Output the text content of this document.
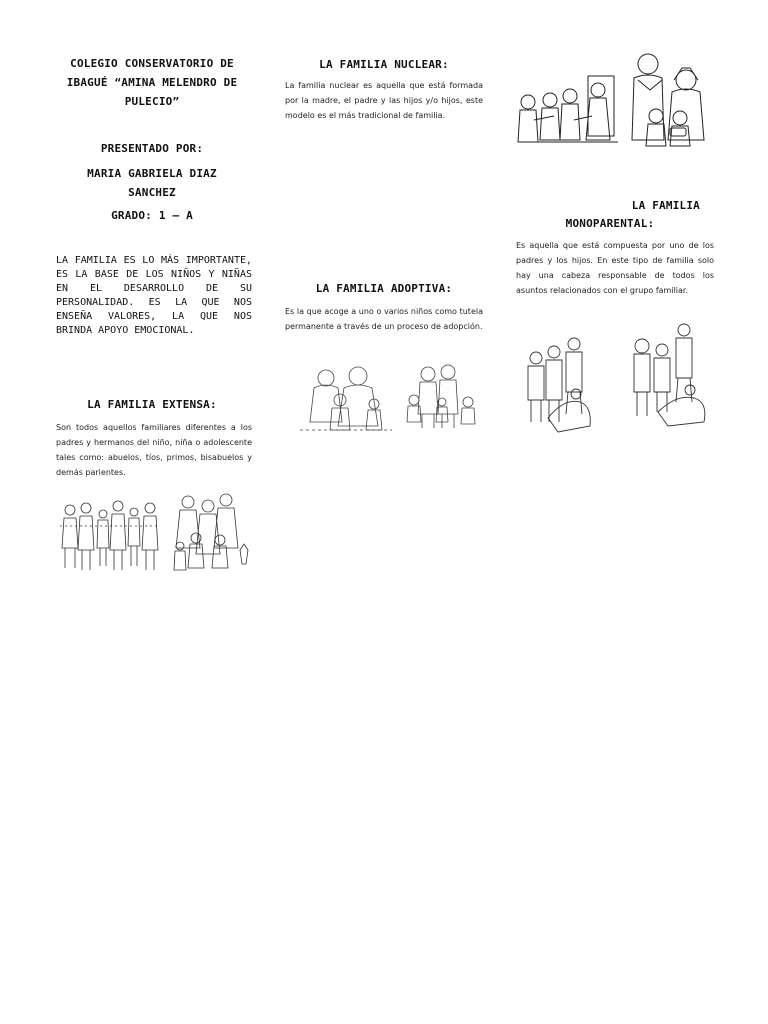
COLEGIO CONSERVATORIO DE
IBAGUÉ “AMINA MELENDRO DE
PULECIO”
PRESENTADO POR:
MARIA GABRIELA DIAZ
SANCHEZ
GRADO: 1 – A
LA FAMILIA ES LO MÁS IMPORTANTE, ES LA BASE DE LOS NIÑOS Y NIÑAS EN EL DESARROLLO DE SU PERSONALIDAD. ES LA QUE NOS ENSEÑA VALORES, LA QUE NOS BRINDA APOYO EMOCIONAL.
LA FAMILIA EXTENSA:
Son todos aquellos familiares diferentes a los padres y hermanos del niño, niña o adolescente tales como: abuelos, tíos, primos, bisabuelos y demás parientes.
LA FAMILIA NUCLEAR:
La familia nuclear es aquella que está formada por la madre, el padre y las hijos y/o hijos, este modelo es el más tradicional de familia.
LA FAMILIA ADOPTIVA:
Es la que acoge a uno o varios niños como tutela permanente a través de un proceso de adopción.
LA FAMILIA
MONOPARENTAL:
Es aquella que está compuesta por uno de los padres y los hijos. En este tipo de familia solo hay una cabeza responsable de todos los asuntos relacionados con el grupo familiar.
